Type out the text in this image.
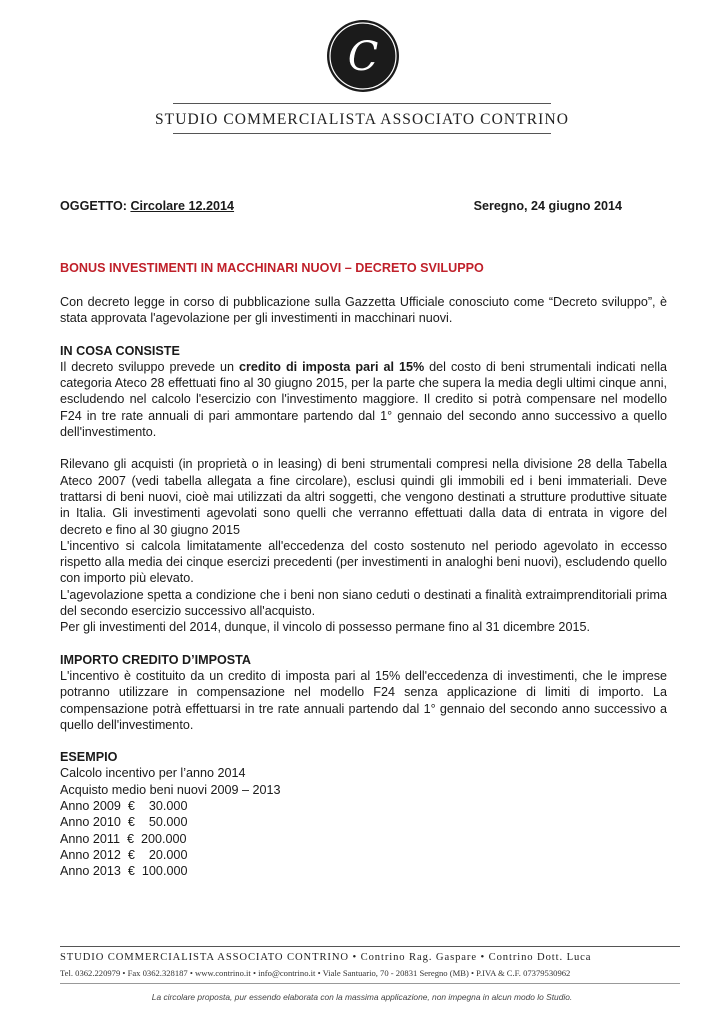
C
STUDIO COMMERCIALISTA ASSOCIATO CONTRINO
OGGETTO: Circolare 12.2014	Seregno, 24 giugno 2014
BONUS INVESTIMENTI IN MACCHINARI NUOVI – DECRETO SVILUPPO

Con decreto legge in corso di pubblicazione sulla Gazzetta Ufficiale conosciuto come “Decreto sviluppo”, è stata approvata l'agevolazione per gli investimenti in macchinari nuovi.

IN COSA CONSISTE

Il decreto sviluppo prevede un credito di imposta pari al 15% del costo di beni strumentali indicati nella categoria Ateco 28 effettuati fino al 30 giugno 2015, per la parte che supera la media degli ultimi cinque anni, escludendo nel calcolo l'esercizio con l'investimento maggiore. Il credito si potrà compensare nel modello F24 in tre rate annuali di pari ammontare partendo dal 1° gennaio del secondo anno successivo a quello dell'investimento.

Rilevano gli acquisti (in proprietà o in leasing) di beni strumentali compresi nella divisione 28 della Tabella Ateco 2007 (vedi tabella allegata a fine circolare), esclusi quindi gli immobili ed i beni immateriali. Deve trattarsi di beni nuovi, cioè mai utilizzati da altri soggetti, che vengono destinati a strutture produttive situate in Italia. Gli investimenti agevolati sono quelli che verranno effettuati dalla data di entrata in vigore del decreto e fino al 30 giugno 2015

L'incentivo si calcola limitatamente all'eccedenza del costo sostenuto nel periodo agevolato in eccesso rispetto alla media dei cinque esercizi precedenti (per investimenti in analoghi beni nuovi), escludendo quello con importo più elevato.

L'agevolazione spetta a condizione che i beni non siano ceduti o destinati a finalità extraimprenditoriali prima del secondo esercizio successivo all'acquisto.

Per gli investimenti del 2014, dunque, il vincolo di possesso permane fino al 31 dicembre 2015.

IMPORTO CREDITO D’IMPOSTA

L'incentivo è costituito da un credito di imposta pari al 15% dell'eccedenza di investimenti, che le imprese potranno utilizzare in compensazione nel modello F24 senza applicazione di limiti di importo. La compensazione potrà effettuarsi in tre rate annuali partendo dal 1° gennaio del secondo anno successivo a quello dell'investimento.

ESEMPIO

Calcolo incentivo per l’anno 2014

Acquisto medio beni nuovi 2009 – 2013

Anno 2009  €    30.000

Anno 2010  €    50.000

Anno 2011  €  200.000

Anno 2012  €    20.000

Anno 2013  €  100.000

STUDIO COMMERCIALISTA ASSOCIATO CONTRINO • Contrino Rag. Gaspare • Contrino Dott. Luca
Tel. 0362.220979 • Fax 0362.328187 • www.contrino.it • info@contrino.it • Viale Santuario, 70 - 20831 Seregno (MB) • P.IVA & C.F. 07379530962
La circolare proposta, pur essendo elaborata con la massima applicazione, non impegna in alcun modo lo Studio.
